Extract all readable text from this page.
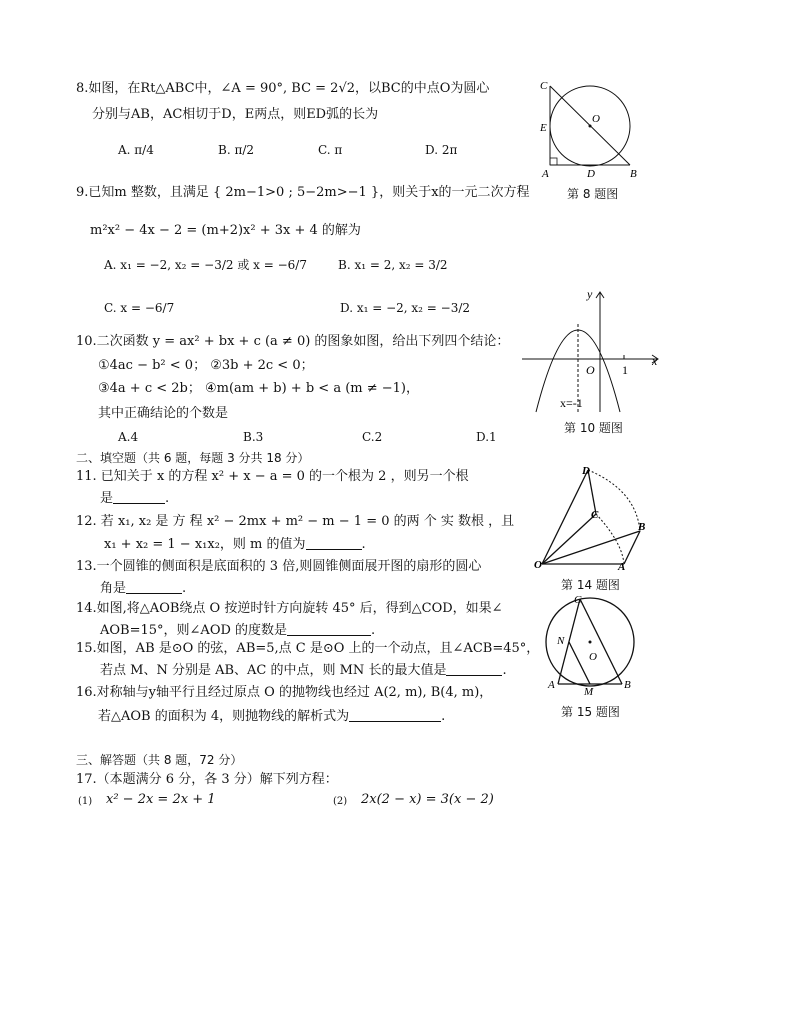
8.如图，在Rt△ABC中，∠A = 90°, BC = 2√2，以BC的中点O为圆心
分别与AB，AC相切于D，E两点，则ED弧的长为
A. π/4	B. π/2	C. π	D. 2π
C
E
O
A	D	B
第 8 题图
9.已知m 整数，且满足 { 2m−1>0 ; 5−2m>−1 }，则关于x的一元二次方程
m²x² − 4x − 2 = (m+2)x² + 3x + 4 的解为
A. x₁ = −2, x₂ = −3/2 或 x = −6/7	B. x₁ = 2, x₂ = 3/2
C. x = −6/7	D. x₁ = −2, x₂ = −3/2
10.二次函数 y = ax² + bx + c (a ≠ 0) 的图象如图，给出下列四个结论：
①4ac − b² < 0； ②3b + 2c < 0；
③4a + c < 2b； ④m(am + b) + b < a (m ≠ −1)，
其中正确结论的个数是
A.4	B.3	C.2	D.1
y
x
O 1
x=-1
第 10 题图
二、填空题（共 6 题，每题 3 分共 18 分）
11. 已知关于 x 的方程 x² + x − a = 0 的一个根为 2 ，则另一个根
是	.
12. 若 x₁, x₂ 是 方 程 x² − 2mx + m² − m − 1 = 0 的两 个 实 数根 ，且
x₁ + x₂ = 1 − x₁x₂，则 m 的值为	.
13.一个圆锥的侧面积是底面积的 3 倍,则圆锥侧面展开图的扇形的圆心
角是	.
14.如图,将△AOB绕点 O 按逆时针方向旋转 45° 后，得到△COD，如果∠
AOB=15°，则∠AOD 的度数是	.
D
C
B
O	A
第 14 题图
15.如图，AB 是⊙O 的弦，AB=5,点 C 是⊙O 上的一个动点，且∠ACB=45°，
若点 M、N 分别是 AB、AC 的中点，则 MN 长的最大值是	.
C
N
O
A
M
B
第 15 题图
16.对称轴与y轴平行且经过原点 O 的抛物线也经过 A(2, m), B(4, m)，
若△AOB 的面积为 4，则抛物线的解析式为	.
三、解答题（共 8 题，72 分）
17.（本题满分 6 分，各 3 分）解下列方程：
(1) x² − 2x = 2x + 1	(2) 2x(2 − x) = 3(x − 2)
